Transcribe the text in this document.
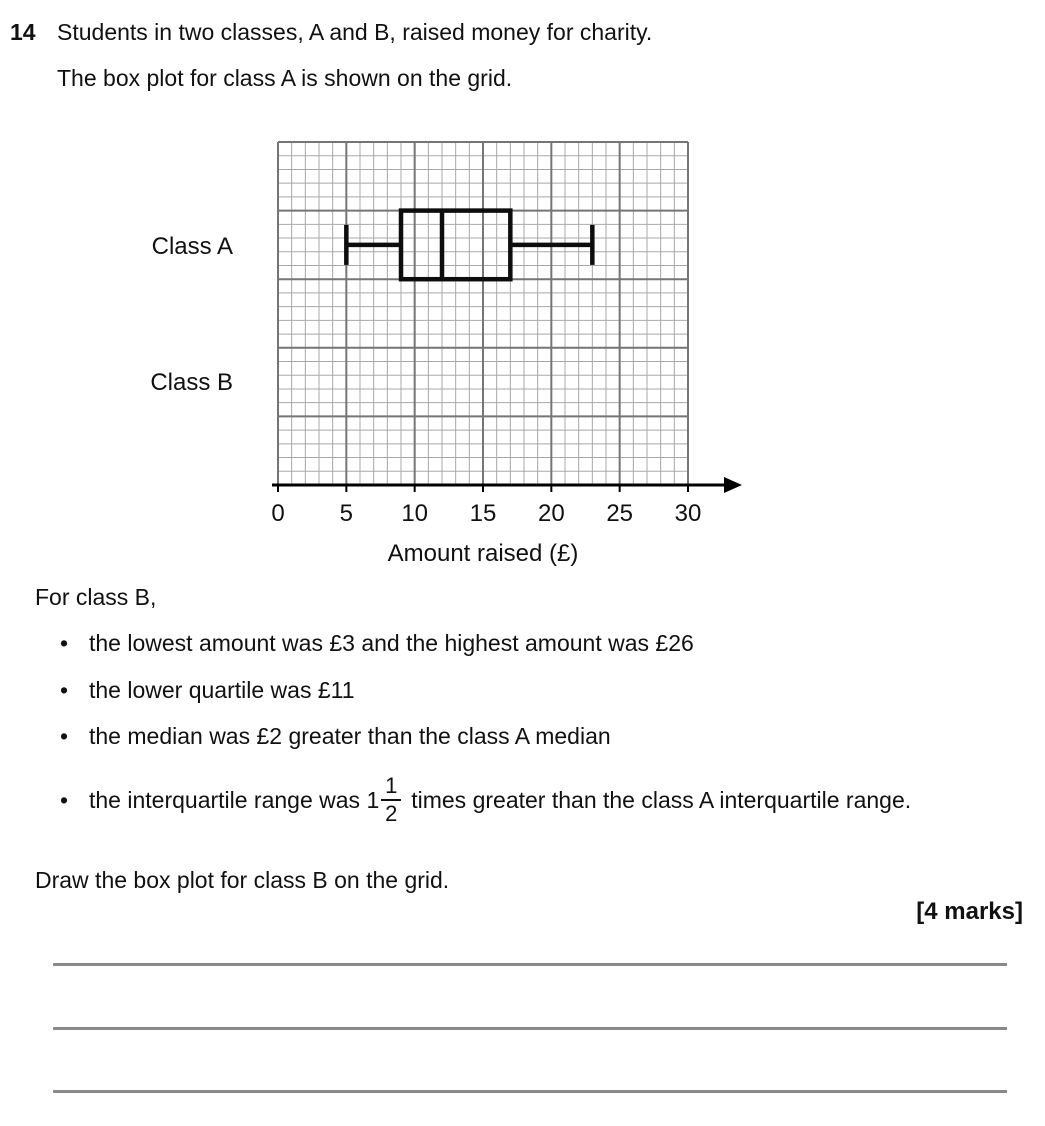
14 Students in two classes, A and B, raised money for charity.
The box plot for class A is shown on the grid.
Class A
Class B
0 5 10 15 20 25 30
Amount raised (£)
For class B,
• the lowest amount was £3 and the highest amount was £26
• the lower quartile was £11
• the median was £2 greater than the class A median
• the interquartile range was $1 \frac{1}{2}$ times greater than the class A interquartile range.
Draw the box plot for class B on the grid.
[4 marks]
